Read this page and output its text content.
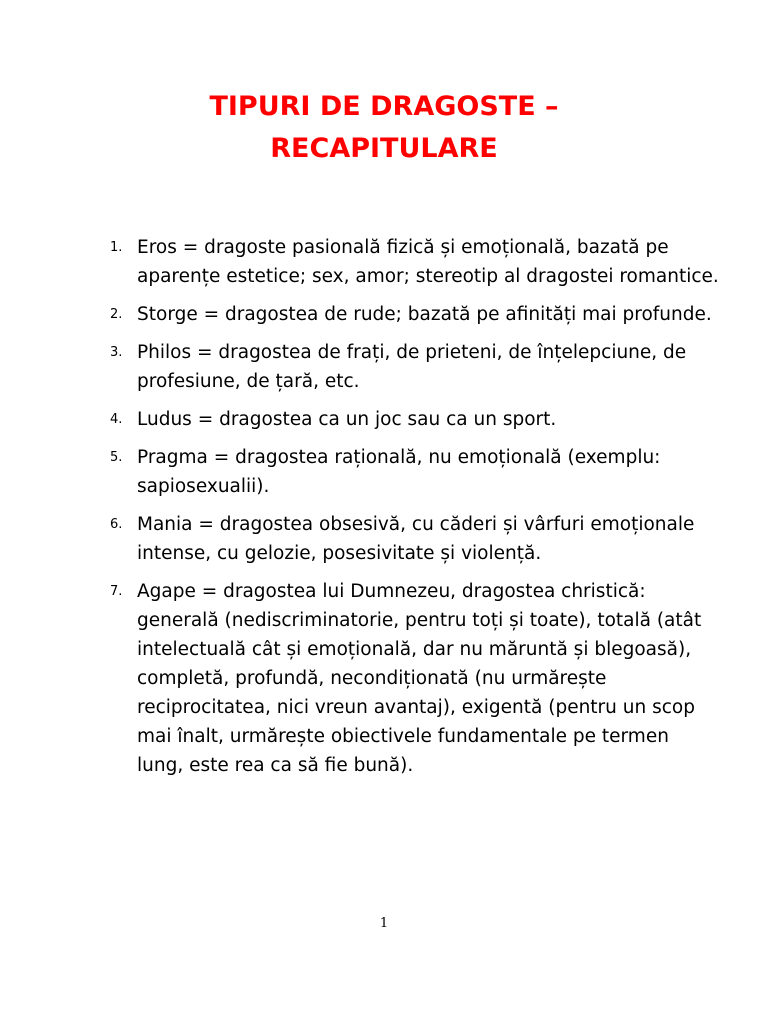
TIPURI DE DRAGOSTE –
RECAPITULARE
1. Eros = dragoste pasională fizică și emoțională, bazată pe aparențe estetice; sex, amor; stereotip al dragostei romantice.
2. Storge = dragostea de rude; bazată pe afinități mai profunde.
3. Philos = dragostea de frați, de prieteni, de înțelepciune, de profesiune, de țară, etc.
4. Ludus = dragostea ca un joc sau ca un sport.
5. Pragma = dragostea rațională, nu emoțională (exemplu: sapiosexualii).
6. Mania = dragostea obsesivă, cu căderi și vârfuri emoționale intense, cu gelozie, posesivitate și violență.
7. Agape = dragostea lui Dumnezeu, dragostea christică: generală (nediscriminatorie, pentru toți și toate), totală (atât intelectuală cât și emoțională, dar nu măruntă și blegoasă), completă, profundă, necondiționată (nu urmărește reciprocitatea, nici vreun avantaj), exigentă (pentru un scop mai înalt, urmărește obiectivele fundamentale pe termen lung, este rea ca să fie bună).
1
